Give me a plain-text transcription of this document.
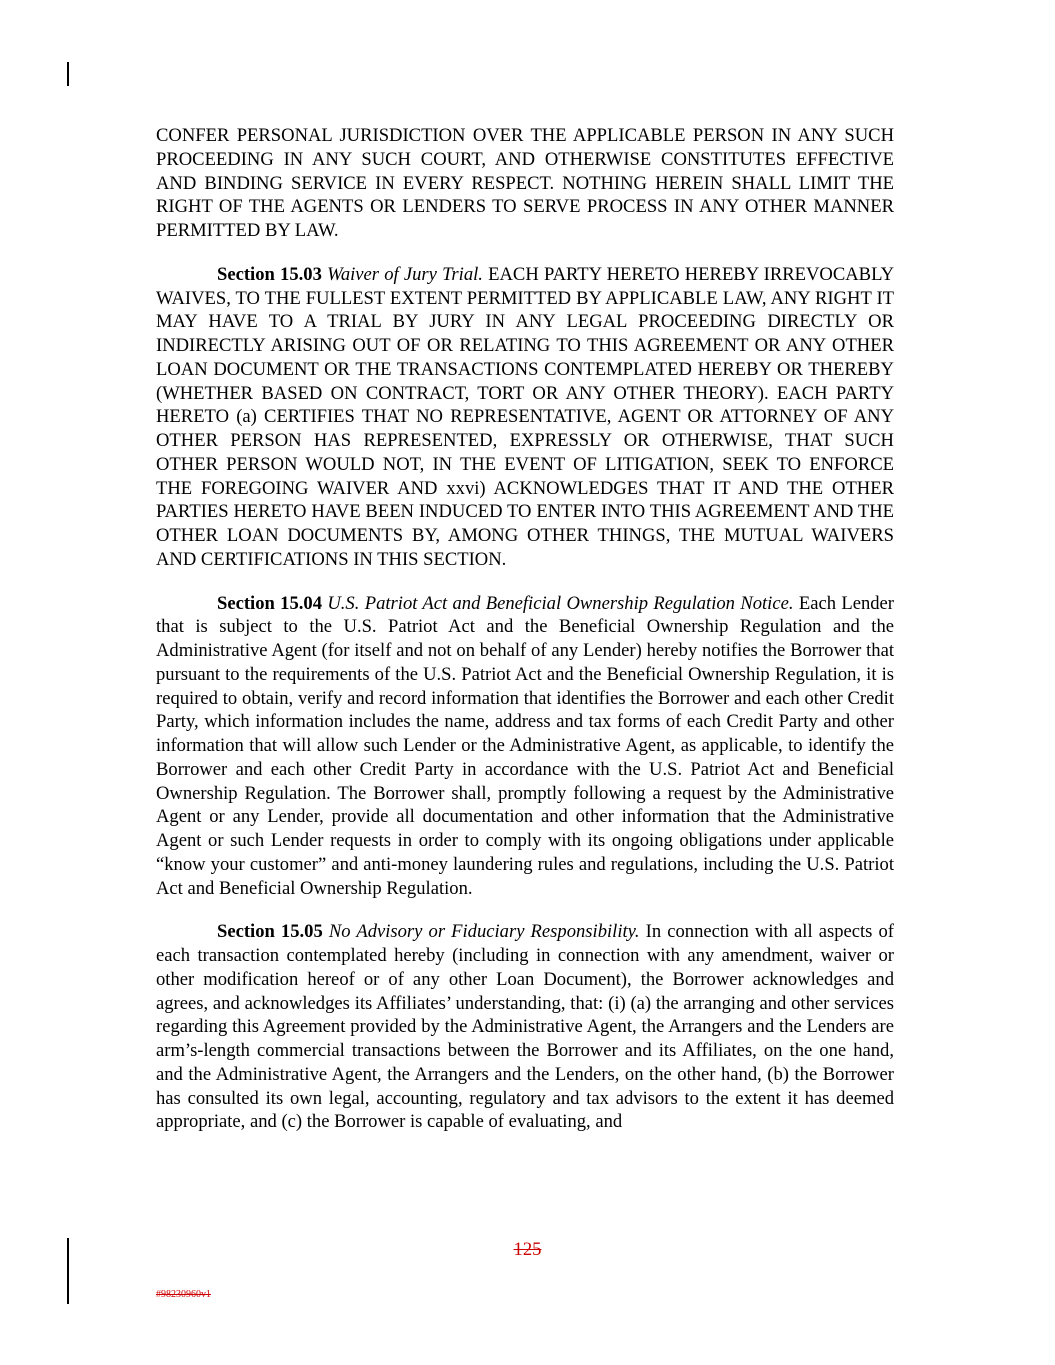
CONFER PERSONAL JURISDICTION OVER THE APPLICABLE PERSON IN ANY SUCH PROCEEDING IN ANY SUCH COURT, AND OTHERWISE CONSTITUTES EFFECTIVE AND BINDING SERVICE IN EVERY RESPECT. NOTHING HEREIN SHALL LIMIT THE RIGHT OF THE AGENTS OR LENDERS TO SERVE PROCESS IN ANY OTHER MANNER PERMITTED BY LAW.

Section 15.03 Waiver of Jury Trial. EACH PARTY HERETO HEREBY IRREVOCABLY WAIVES, TO THE FULLEST EXTENT PERMITTED BY APPLICABLE LAW, ANY RIGHT IT MAY HAVE TO A TRIAL BY JURY IN ANY LEGAL PROCEEDING DIRECTLY OR INDIRECTLY ARISING OUT OF OR RELATING TO THIS AGREEMENT OR ANY OTHER LOAN DOCUMENT OR THE TRANSACTIONS CONTEMPLATED HEREBY OR THEREBY (WHETHER BASED ON CONTRACT, TORT OR ANY OTHER THEORY). EACH PARTY HERETO (a) CERTIFIES THAT NO REPRESENTATIVE, AGENT OR ATTORNEY OF ANY OTHER PERSON HAS REPRESENTED, EXPRESSLY OR OTHERWISE, THAT SUCH OTHER PERSON WOULD NOT, IN THE EVENT OF LITIGATION, SEEK TO ENFORCE THE FOREGOING WAIVER AND xxvi) ACKNOWLEDGES THAT IT AND THE OTHER PARTIES HERETO HAVE BEEN INDUCED TO ENTER INTO THIS AGREEMENT AND THE OTHER LOAN DOCUMENTS BY, AMONG OTHER THINGS, THE MUTUAL WAIVERS AND CERTIFICATIONS IN THIS SECTION.

Section 15.04 U.S. Patriot Act and Beneficial Ownership Regulation Notice. Each Lender that is subject to the U.S. Patriot Act and the Beneficial Ownership Regulation and the Administrative Agent (for itself and not on behalf of any Lender) hereby notifies the Borrower that pursuant to the requirements of the U.S. Patriot Act and the Beneficial Ownership Regulation, it is required to obtain, verify and record information that identifies the Borrower and each other Credit Party, which information includes the name, address and tax forms of each Credit Party and other information that will allow such Lender or the Administrative Agent, as applicable, to identify the Borrower and each other Credit Party in accordance with the U.S. Patriot Act and Beneficial Ownership Regulation. The Borrower shall, promptly following a request by the Administrative Agent or any Lender, provide all documentation and other information that the Administrative Agent or such Lender requests in order to comply with its ongoing obligations under applicable “know your customer” and anti-money laundering rules and regulations, including the U.S. Patriot Act and Beneficial Ownership Regulation.

Section 15.05 No Advisory or Fiduciary Responsibility. In connection with all aspects of each transaction contemplated hereby (including in connection with any amendment, waiver or other modification hereof or of any other Loan Document), the Borrower acknowledges and agrees, and acknowledges its Affiliates’ understanding, that: (i) (a) the arranging and other services regarding this Agreement provided by the Administrative Agent, the Arrangers and the Lenders are arm’s-length commercial transactions between the Borrower and its Affiliates, on the one hand, and the Administrative Agent, the Arrangers and the Lenders, on the other hand, (b) the Borrower has consulted its own legal, accounting, regulatory and tax advisors to the extent it has deemed appropriate, and (c) the Borrower is capable of evaluating, and

125
#98230960v1
